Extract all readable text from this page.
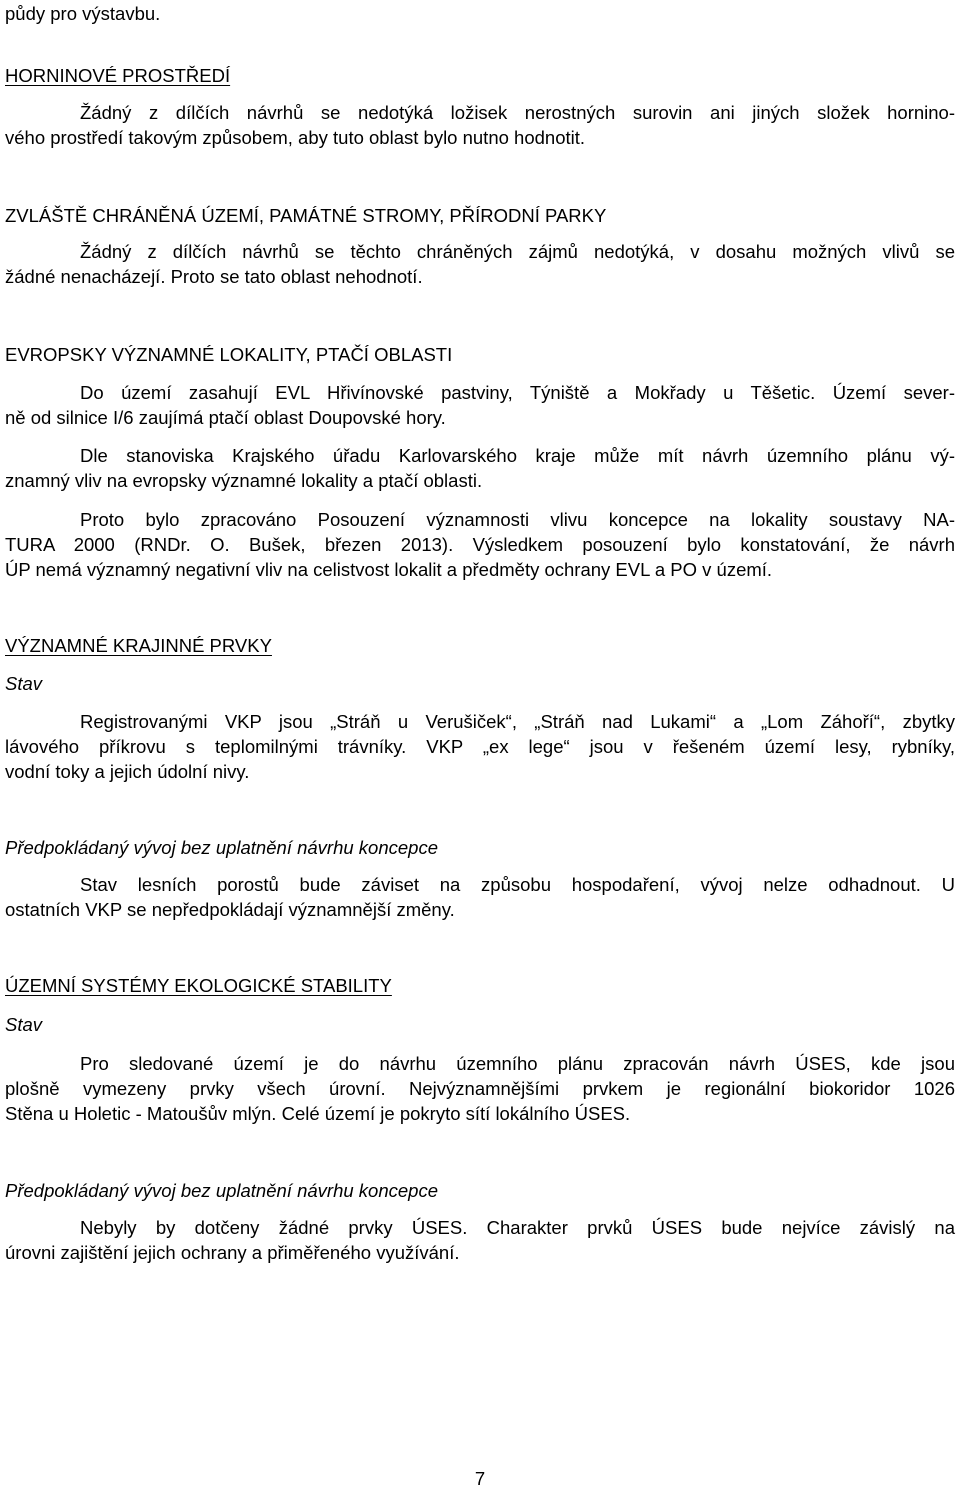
půdy pro výstavbu.
HORNINOVÉ PROSTŘEDÍ
Žádný z dílčích návrhů se nedotýká ložisek nerostných surovin ani jiných složek hornino-
vého prostředí takovým způsobem, aby tuto oblast bylo nutno hodnotit.
ZVLÁŠTĚ CHRÁNĚNÁ ÚZEMÍ, PAMÁTNÉ STROMY, PŘÍRODNÍ PARKY
Žádný z dílčích návrhů se těchto chráněných zájmů nedotýká, v dosahu možných vlivů se
žádné nenacházejí. Proto se tato oblast nehodnotí.
EVROPSKY VÝZNAMNÉ LOKALITY, PTAČÍ OBLASTI
Do území zasahují EVL Hřivínovské pastviny, Týniště a Mokřady u Těšetic. Území sever-
ně od silnice I/6 zaujímá ptačí oblast Doupovské hory.
Dle stanoviska Krajského úřadu Karlovarského kraje může mít návrh územního plánu vý-
znamný vliv na evropsky významné lokality a ptačí oblasti.
Proto bylo zpracováno Posouzení významnosti vlivu koncepce na lokality soustavy NA-
TURA 2000 (RNDr. O. Bušek, březen 2013). Výsledkem posouzení bylo konstatování, že návrh
ÚP nemá významný negativní vliv na celistvost lokalit a předměty ochrany EVL a PO v území.
VÝZNAMNÉ KRAJINNÉ PRVKY
Stav
Registrovanými VKP jsou „Stráň u Verušiček“, „Stráň nad Lukami“ a „Lom Záhoří“, zbytky
lávového příkrovu s teplomilnými trávníky. VKP „ex lege“ jsou v řešeném území lesy, rybníky,
vodní toky a jejich údolní nivy.
Předpokládaný vývoj bez uplatnění návrhu koncepce
Stav lesních porostů bude záviset na způsobu hospodaření, vývoj nelze odhadnout. U
ostatních VKP se nepředpokládají významnější změny.
ÚZEMNÍ SYSTÉMY EKOLOGICKÉ STABILITY
Stav
Pro sledované území je do návrhu územního plánu zpracován návrh ÚSES, kde jsou
plošně vymezeny prvky všech úrovní. Nejvýznamnějšími prvkem je regionální biokoridor 1026
Stěna u Holetic - Matoušův mlýn. Celé území je pokryto sítí lokálního ÚSES.
Předpokládaný vývoj bez uplatnění návrhu koncepce
Nebyly by dotčeny žádné prvky ÚSES. Charakter prvků ÚSES bude nejvíce závislý na
úrovni zajištění jejich ochrany a přiměřeného využívání.
7
